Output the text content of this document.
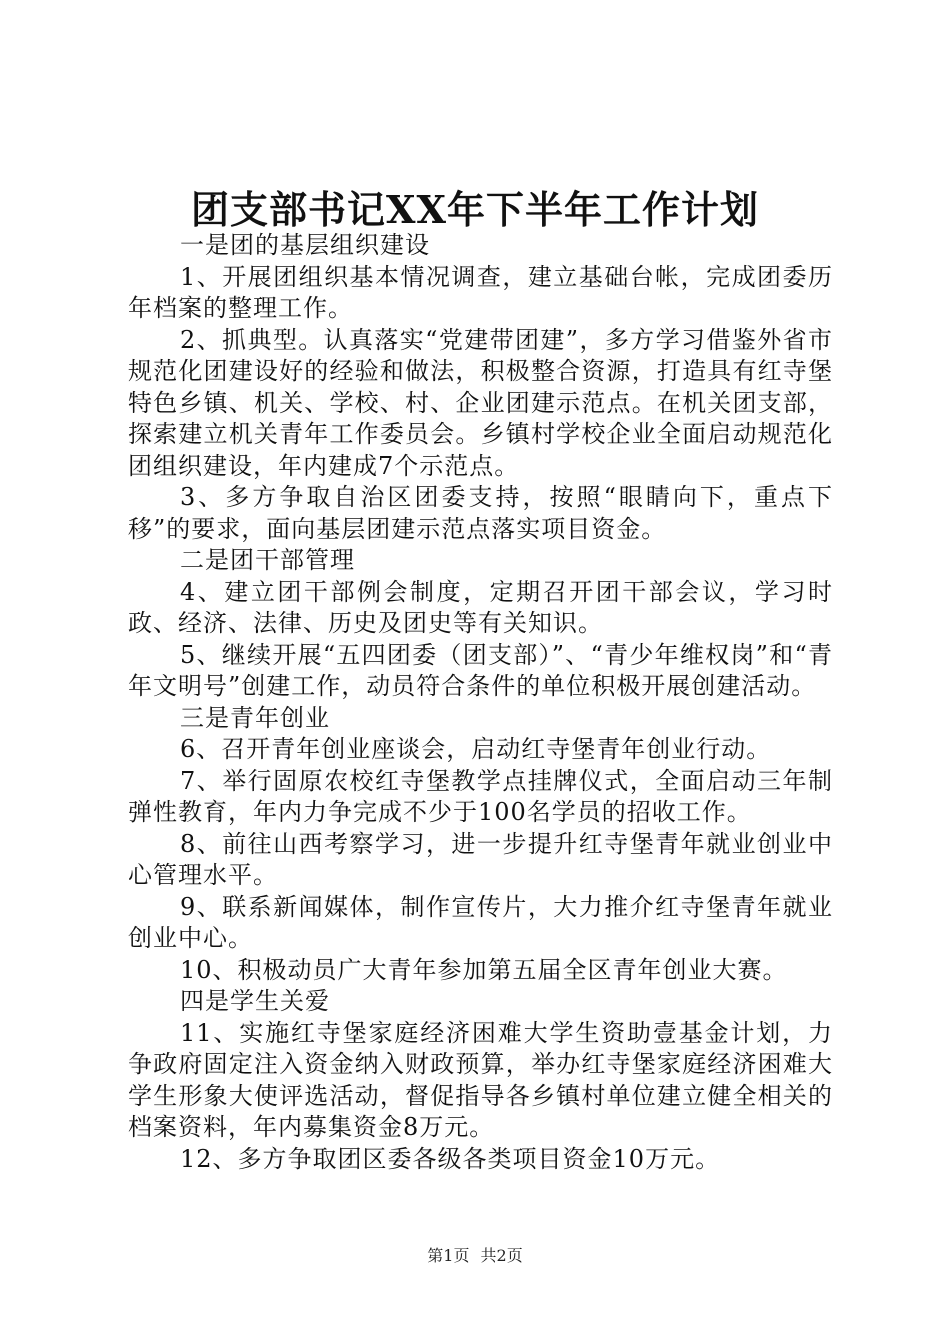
团支部书记XX年下半年工作计划

一是团的基层组织建设

1、开展团组织基本情况调查，建立基础台帐，完成团委历年档案的整理工作。

2、抓典型。认真落实“党建带团建”，多方学习借鉴外省市规范化团建设好的经验和做法，积极整合资源，打造具有红寺堡特色乡镇、机关、学校、村、企业团建示范点。在机关团支部，探索建立机关青年工作委员会。乡镇村学校企业全面启动规范化团组织建设，年内建成7个示范点。

3、多方争取自治区团委支持，按照“眼睛向下，重点下移”的要求，面向基层团建示范点落实项目资金。

二是团干部管理

4、建立团干部例会制度，定期召开团干部会议，学习时政、经济、法律、历史及团史等有关知识。

5、继续开展“五四团委（团支部）”、“青少年维权岗”和“青年文明号”创建工作，动员符合条件的单位积极开展创建活动。

三是青年创业

6、召开青年创业座谈会，启动红寺堡青年创业行动。

7、举行固原农校红寺堡教学点挂牌仪式，全面启动三年制弹性教育，年内力争完成不少于100名学员的招收工作。

8、前往山西考察学习，进一步提升红寺堡青年就业创业中心管理水平。

9、联系新闻媒体，制作宣传片，大力推介红寺堡青年就业创业中心。

10、积极动员广大青年参加第五届全区青年创业大赛。

四是学生关爱

11、实施红寺堡家庭经济困难大学生资助壹基金计划，力争政府固定注入资金纳入财政预算，举办红寺堡家庭经济困难大学生形象大使评选活动，督促指导各乡镇村单位建立健全相关的档案资料，年内募集资金8万元。

12、多方争取团区委各级各类项目资金10万元。

第1页 共2页
